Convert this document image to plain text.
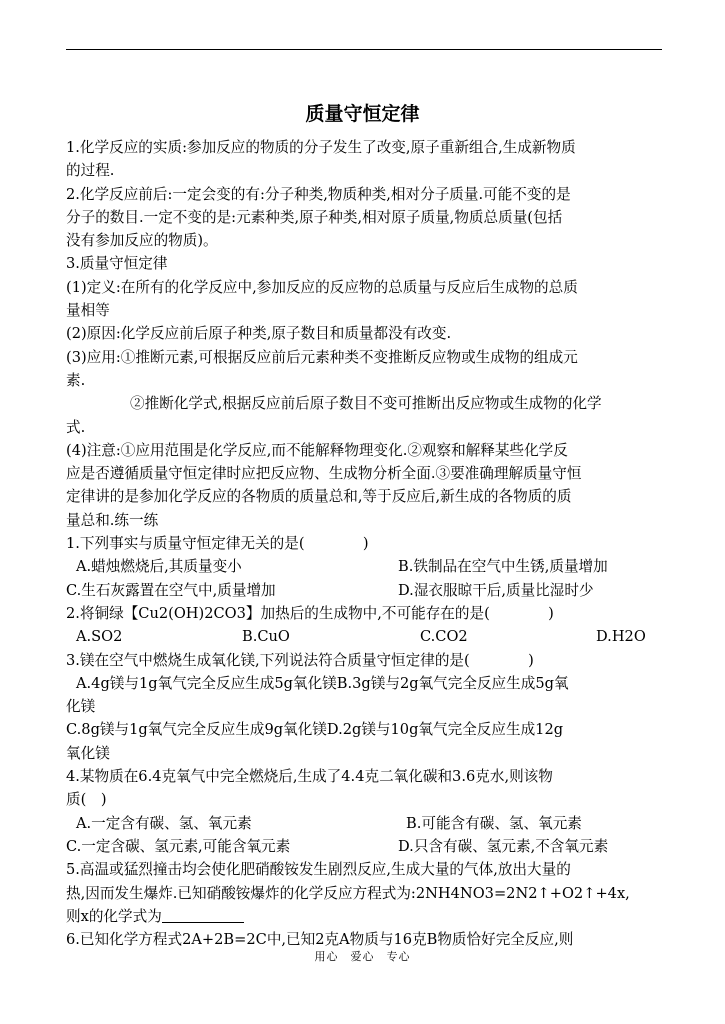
质量守恒定律
1.化学反应的实质:参加反应的物质的分子发生了改变,原子重新组合,生成新物质
的过程.
2.化学反应前后:一定会变的有:分子种类,物质种类,相对分子质量.可能不变的是
分子的数目.一定不变的是:元素种类,原子种类,相对原子质量,物质总质量(包括
没有参加反应的物质)。
3.质量守恒定律
(1)定义:在所有的化学反应中,参加反应的反应物的总质量与反应后生成物的总质
量相等
(2)原因:化学反应前后原子种类,原子数目和质量都没有改变.
(3)应用:①推断元素,可根据反应前后元素种类不变推断反应物或生成物的组成元
素.
②推断化学式,根据反应前后原子数目不变可推断出反应物或生成物的化学
式.
(4)注意:①应用范围是化学反应,而不能解释物理变化.②观察和解释某些化学反
应是否遵循质量守恒定律时应把反应物、生成物分析全面.③要准确理解质量守恒
定律讲的是参加化学反应的各物质的质量总和,等于反应后,新生成的各物质的质
量总和.练一练
1.下列事实与质量守恒定律无关的是(　　　　)
A.蜡烛燃烧后,其质量变小	B.铁制品在空气中生锈,质量增加
C.生石灰露置在空气中,质量增加	D.湿衣服晾干后,质量比湿时少
2.将铜绿【Cu2(OH)2CO3】加热后的生成物中,不可能存在的是(　　　　)
A.SO2	B.CuO	C.CO2	D.H2O
3.镁在空气中燃烧生成氧化镁,下列说法符合质量守恒定律的是(　　　　)
A.4g镁与1g氧气完全反应生成5g氧化镁B.3g镁与2g氧气完全反应生成5g氧
化镁
C.8g镁与1g氧气完全反应生成9g氧化镁D.2g镁与10g氧气完全反应生成12g
氧化镁
4.某物质在6.4克氧气中完全燃烧后,生成了4.4克二氧化碳和3.6克水,则该物
质(　)
A.一定含有碳、氢、氧元素	B.可能含有碳、氢、氧元素
C.一定含碳、氢元素,可能含氧元素	D.只含有碳、氢元素,不含氧元素
5.高温或猛烈撞击均会使化肥硝酸铵发生剧烈反应,生成大量的气体,放出大量的
热,因而发生爆炸.已知硝酸铵爆炸的化学反应方程式为:2NH4NO3=2N2↑+O2↑+4x,
则x的化学式为
6.已知化学方程式2A+2B=2C中,已知2克A物质与16克B物质恰好完全反应,则
用心　爱心　专心
